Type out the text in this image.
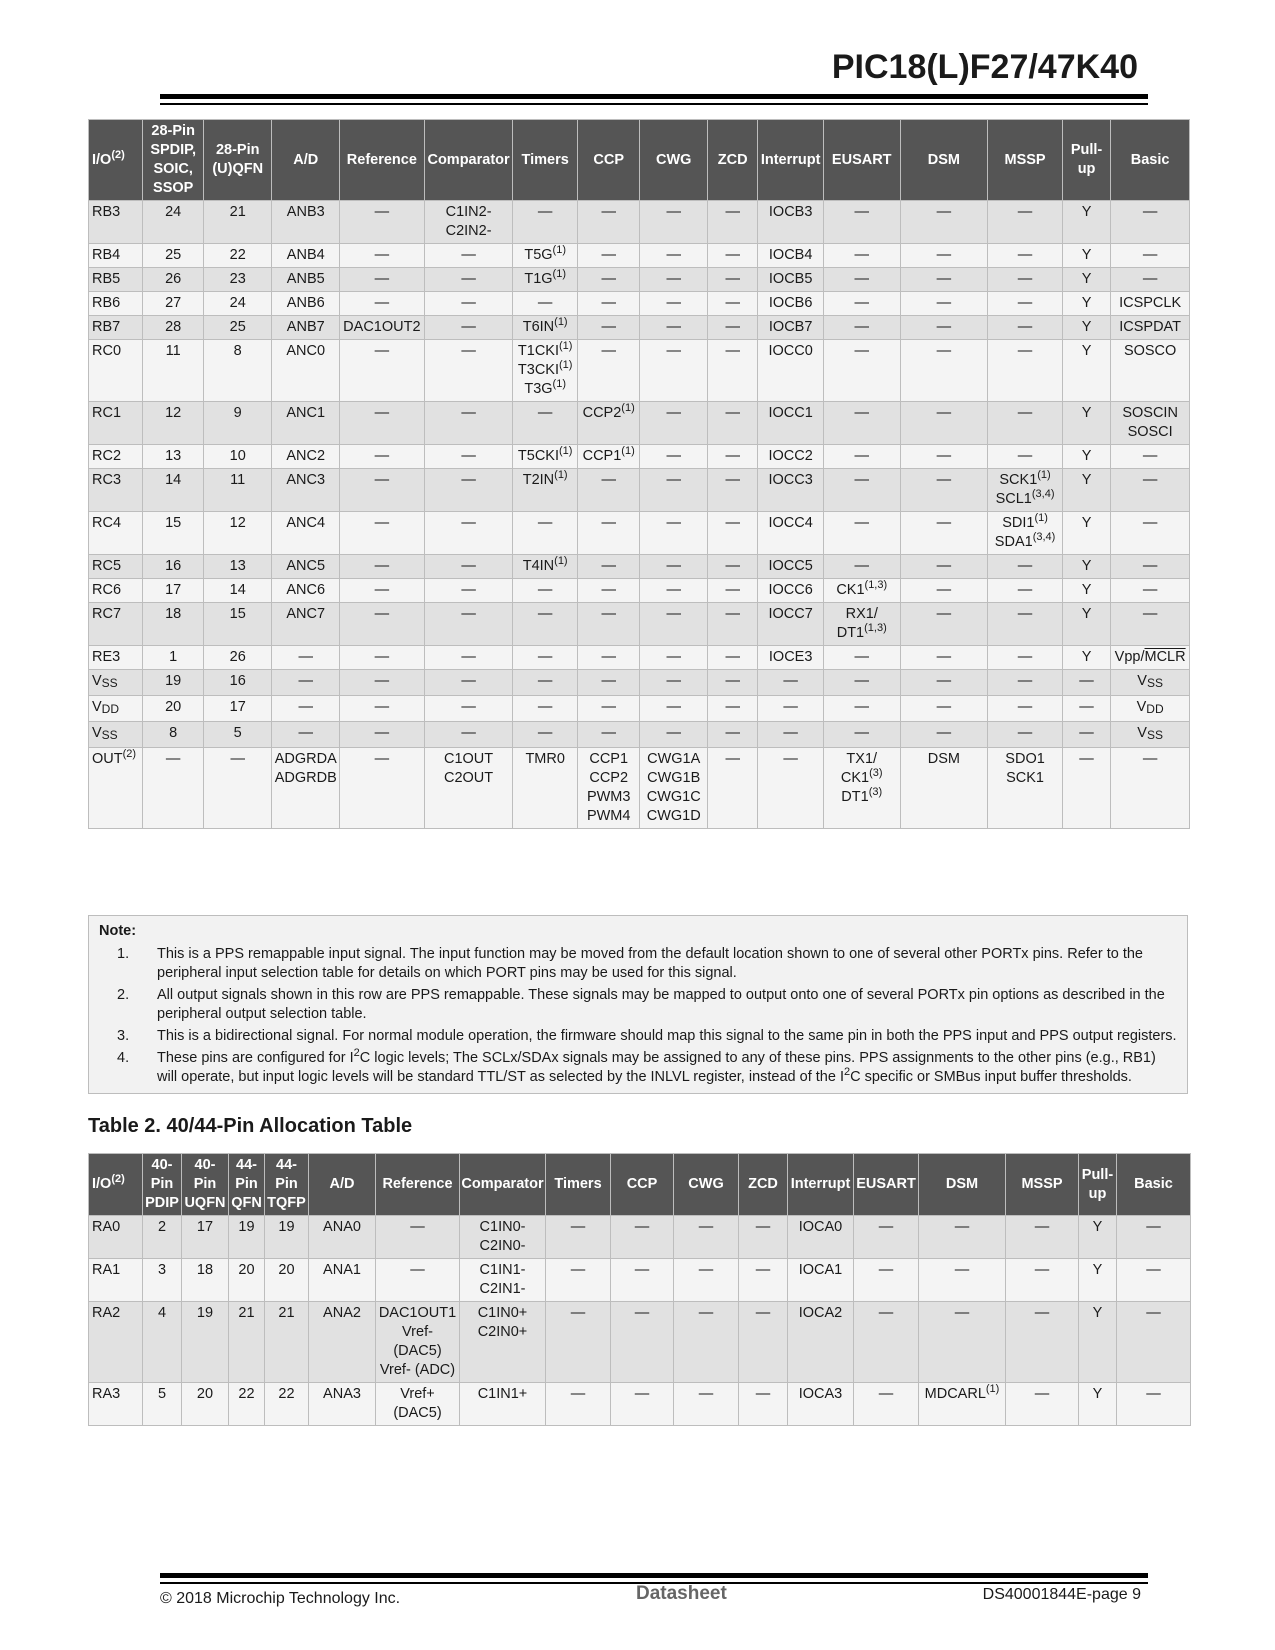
PIC18(L)F27/47K40
$I/O^{(2)}$	28-Pin
SPDIP,
SOIC,
SSOP	28-Pin
(U)QFN	A/D	Reference	Comparator	Timers	CCP	CWG	ZCD	Interrupt	EUSART	DSM	MSSP	Pull-
up	Basic

RB3	24	21	ANB3	—	C1IN2-
C2IN2-	—	—	—	—	IOCB3	—	—	—	Y	—

RB4	25	22	ANB4	—	—	$T5G^{(1)}$	—	—	—	IOCB4	—	—	—	Y	—

RB5	26	23	ANB5	—	—	$T1G^{(1)}$	—	—	—	IOCB5	—	—	—	Y	—

RB6	27	24	ANB6	—	—	—	—	—	—	IOCB6	—	—	—	Y	ICSPCLK

RB7	28	25	ANB7	DAC1OUT2	—	T6IN$^{(1)}$	—	—	—	IOCB7	—	—	—	Y	ICSPDAT

RC0	11	8	ANC0	—	—	T1CKI$^{(1)}$
T3CKI$^{(1)}$
$T3G^{(1)}$	—	—	—	IOCC0	—	—	—	Y	SOSCO

RC1	12	9	ANC1	—	—	—	CCP2$^{(1)}$	—	—	IOCC1	—	—	—	Y	SOSCIN
SOSCI

RC2	13	10	ANC2	—	—	T5CKI$^{(1)}$	CCP1$^{(1)}$	—	—	IOCC2	—	—	—	Y	—

RC3	14	11	ANC3	—	—	T2IN$^{(1)}$	—	—	—	IOCC3	—	—	SCK1$^{(1)}$
SCL1$^{(3,4)}$	Y	—

RC4	15	12	ANC4	—	—	—	—	—	—	IOCC4	—	—	SDI1$^{(1)}$
SDA1$^{(3,4)}$	Y	—

RC5	16	13	ANC5	—	—	T4IN$^{(1)}$	—	—	—	IOCC5	—	—	—	Y	—

RC6	17	14	ANC6	—	—	—	—	—	—	IOCC6	CK1$^{(1,3)}$	—	—	Y	—

RC7	18	15	ANC7	—	—	—	—	—	—	IOCC7	RX1/
DT1$^{(1,3)}$	—	—	Y	—

RE3	1	26	—	—	—	—	—	—	—	IOCE3	—	—	—	Y	Vpp/MCLR

VSS	19	16	—	—	—	—	—	—	—	—	—	—	—	—	VSS

VDD	20	17	—	—	—	—	—	—	—	—	—	—	—	—	VDD

VSS	8	5	—	—	—	—	—	—	—	—	—	—	—	—	VSS

OUT$^{(2)}$	—	—	ADGRDA
ADGRDB	—	C1OUT
C2OUT	TMR0	CCP1
CCP2
PWM3
PWM4	CWG1A
CWG1B
CWG1C
CWG1D	—	—	TX1/
CK1$^{(3)}$
DT1$^{(3)}$	DSM	SDO1
SCK1	—	—
Note:
1. This is a PPS remappable input signal. The input function may be moved from the default location shown to one of several other PORTx pins. Refer to the peripheral input selection table for details on which PORT pins may be used for this signal.
2. All output signals shown in this row are PPS remappable. These signals may be mapped to output onto one of several PORTx pin options as described in the peripheral output selection table.
3. This is a bidirectional signal. For normal module operation, the firmware should map this signal to the same pin in both the PPS input and PPS output registers.
4. These pins are configured for $I^2C$ logic levels; The SCLx/SDAx signals may be assigned to any of these pins. PPS assignments to the other pins (e.g., RB1) will operate, but input logic levels will be standard TTL/ST as selected by the INLVL register, instead of the $I^2C$ specific or SMBus input buffer thresholds.
Table 2. 40/44-Pin Allocation Table
$I/O^{(2)}$	40-
Pin
PDIP	40-
Pin
UQFN	44-
Pin
QFN	44-
Pin
TQFP	A/D	Reference	Comparator	Timers	CCP	CWG	ZCD	Interrupt	EUSART	DSM	MSSP	Pull-
up	Basic

RA0	2	17	19	19	ANA0	—	C1IN0-
C2IN0-	—	—	—	—	IOCA0	—	—	—	Y	—

RA1	3	18	20	20	ANA1	—	C1IN1-
C2IN1-	—	—	—	—	IOCA1	—	—	—	Y	—

RA2	4	19	21	21	ANA2	DAC1OUT1
Vref-
(DAC5)
Vref- (ADC)	C1IN0+
C2IN0+	—	—	—	—	IOCA2	—	—	—	Y	—

RA3	5	20	22	22	ANA3	Vref+
(DAC5)	C1IN1+	—	—	—	—	IOCA3	—	MDCARL$^{(1)}$	—	Y	—
© 2018 Microchip Technology Inc.	Datasheet	DS40001844E-page 9
